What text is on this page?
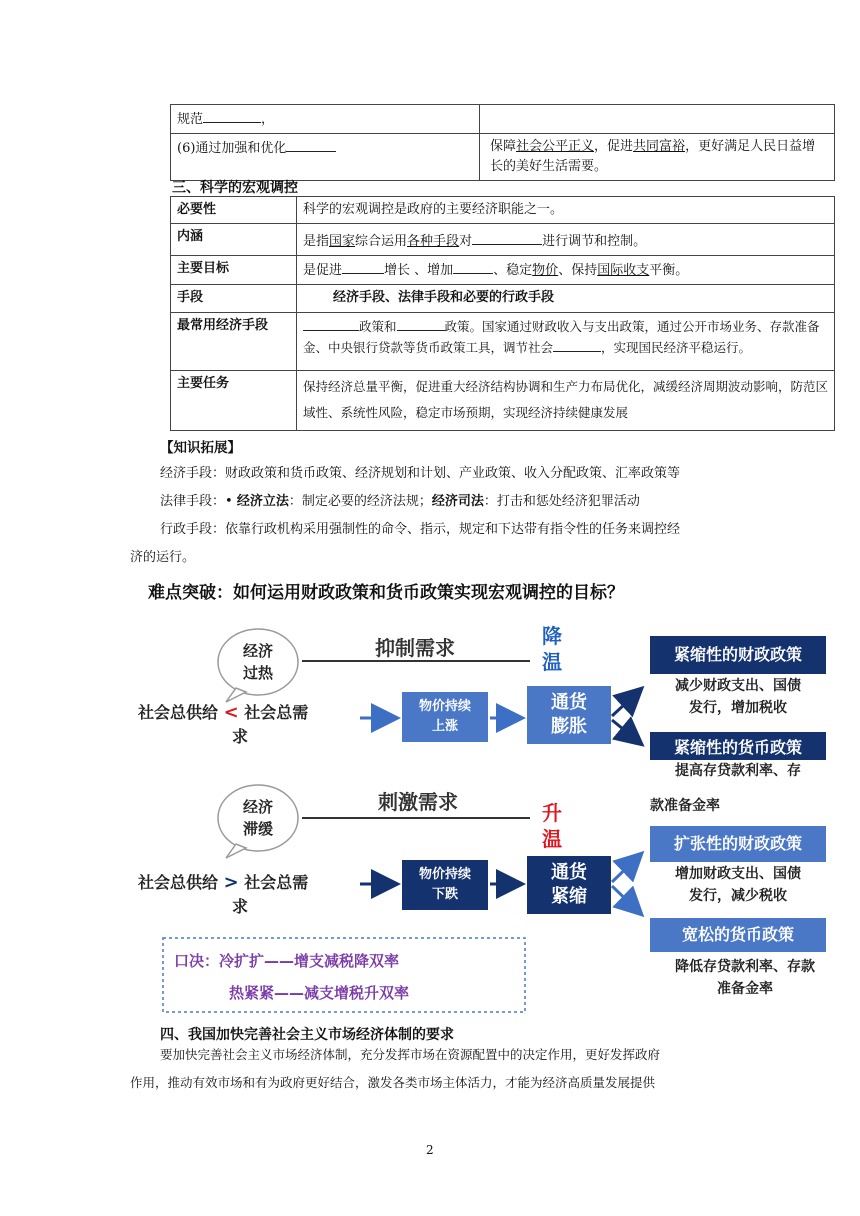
规范 ，	
(6)通过加强和优化	保障社会公平正义，促进共同富裕，更好满足人民日益增长的美好生活需要。
三、科学的宏观调控
必要性	科学的宏观调控是政府的主要经济职能之一。
内涵	是指国家综合运用各种手段对 进行调节和控制。
主要目标	是促进 增长 、增加 、稳定物价、保持国际收支平衡。
手段	经济手段、法律手段和必要的行政手段
最常用经济手段	政策和 政策。国家通过财政收入与支出政策，通过公开市场业务、存款准备金、中央银行贷款等货币政策工具，调节社会 ，实现国民经济平稳运行。
主要任务	保持经济总量平衡，促进重大经济结构协调和生产力布局优化，减缓经济周期波动影响，防范区域性、系统性风险，稳定市场预期，实现经济持续健康发展
【知识拓展】
经济手段：财政政策和货币政策、经济规划和计划、产业政策、收入分配政策、汇率政策等
法律手段：• 经济立法：制定必要的经济法规；经济司法：打击和惩处经济犯罪活动
行政手段：依靠行政机构采用强制性的命令、指示，规定和下达带有指令性的任务来调控经
济的运行。
难点突破：如何运用财政政策和货币政策实现宏观调控的目标？
经济
过热
抑制需求	降
温
社会总供给 < 社会总需
求
物价持续
上涨
通货
膨胀
紧缩性的财政政策
减少财政支出、国债
发行，增加税收
紧缩性的货币政策
提高存贷款利率、存
款准备金率
经济
滞缓
刺激需求	升
温
社会总供给 > 社会总需
求
物价持续
下跌
通货
紧缩
扩张性的财政政策
增加财政支出、国债
发行，减少税收
宽松的货币政策
降低存贷款利率、存款
准备金率
口决：冷扩扩——增支减税降双率
热紧紧——减支增税升双率
四、我国加快完善社会主义市场经济体制的要求
要加快完善社会主义市场经济体制，充分发挥市场在资源配置中的决定作用，更好发挥政府
作用，推动有效市场和有为政府更好结合，激发各类市场主体活力，才能为经济高质量发展提供
2
